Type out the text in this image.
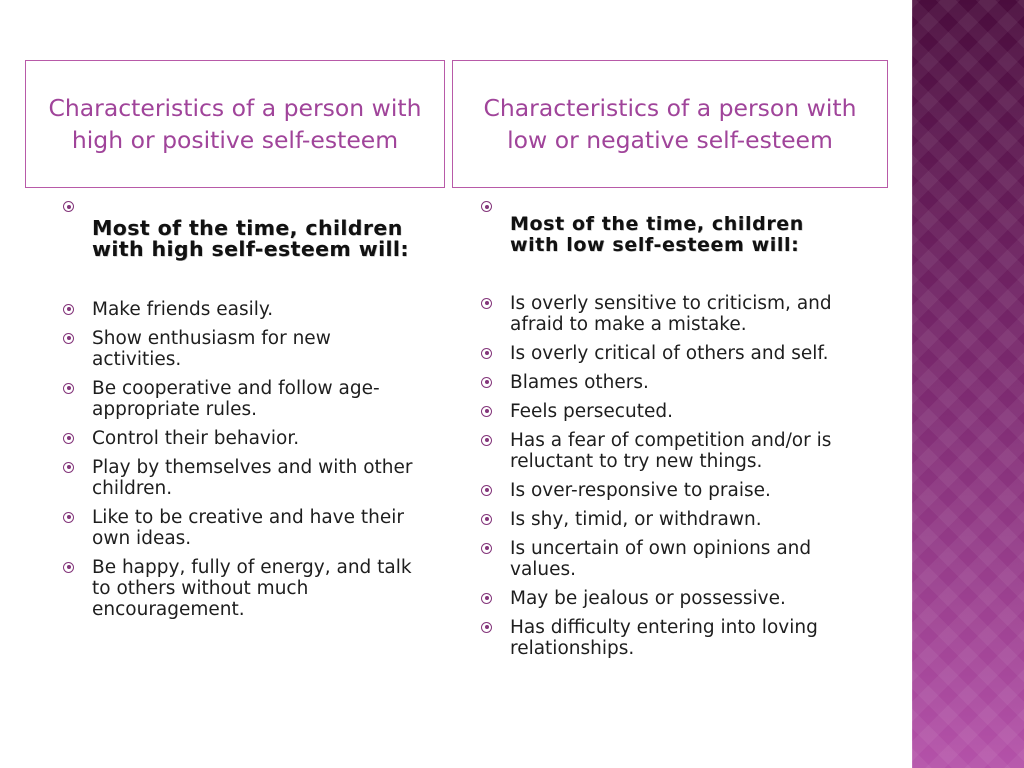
Characteristics of a person with high or positive self-esteem
Characteristics of a person with low or negative self-esteem
Most of the time, children with high self-esteem will:
Make friends easily.
Show enthusiasm for new activities.
Be cooperative and follow age-appropriate rules.
Control their behavior.
Play by themselves and with other children.
Like to be creative and have their own ideas.
Be happy, fully of energy, and talk to others without much encouragement.
Most of the time, children with low self-esteem will:
Is overly sensitive to criticism, and afraid to make a mistake.
Is overly critical of others and self.
Blames others.
Feels persecuted.
Has a fear of competition and/or is reluctant to try new things.
Is over-responsive to praise.
Is shy, timid, or withdrawn.
Is uncertain of own opinions and values.
May be jealous or possessive.
Has difficulty entering into loving relationships.
